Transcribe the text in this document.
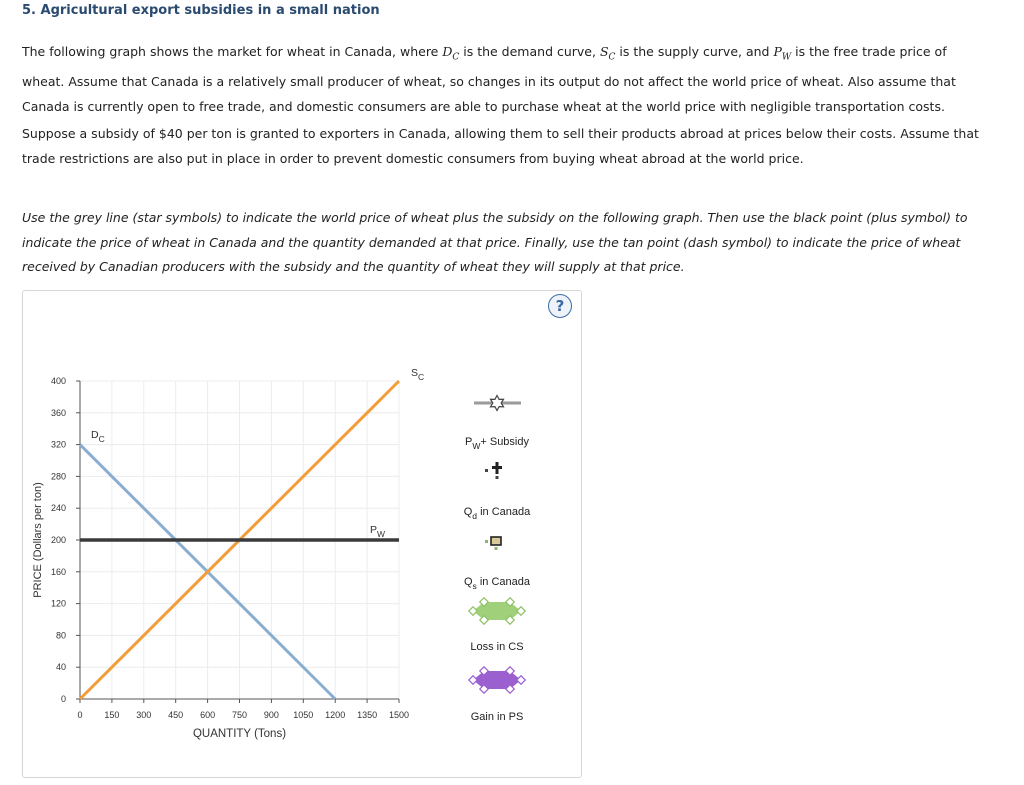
5. Agricultural export subsidies in a small nation
The following graph shows the market for wheat in Canada, where $D_C$ is the demand curve, $S_C$ is the supply curve, and $P_W$ is the free trade price of wheat. Assume that Canada is a relatively small producer of wheat, so changes in its output do not affect the world price of wheat. Also assume that Canada is currently open to free trade, and domestic consumers are able to purchase wheat at the world price with negligible transportation costs.
Suppose a subsidy of $40 per ton is granted to exporters in Canada, allowing them to sell their products abroad at prices below their costs. Assume that trade restrictions are also put in place in order to prevent domestic consumers from buying wheat abroad at the world price.
Use the grey line (star symbols) to indicate the world price of wheat plus the subsidy on the following graph. Then use the black point (plus symbol) to indicate the price of wheat in Canada and the quantity demanded at that price. Finally, use the tan point (dash symbol) to indicate the price of wheat received by Canadian producers with the subsidy and the quantity of wheat they will supply at that price.
?
0
40
80
120
160
200
240
280
320
360
400
0 150 300 450 600 750 900 1050 1200 1350 1500
QUANTITY (Tons)
PRICE (Dollars per ton)
$D_C$
$S_C$
$P_W$
$P_W+$ Subsidy
$Q_d$ in Canada
$Q_s$ in Canada
Loss in CS
Gain in PS
